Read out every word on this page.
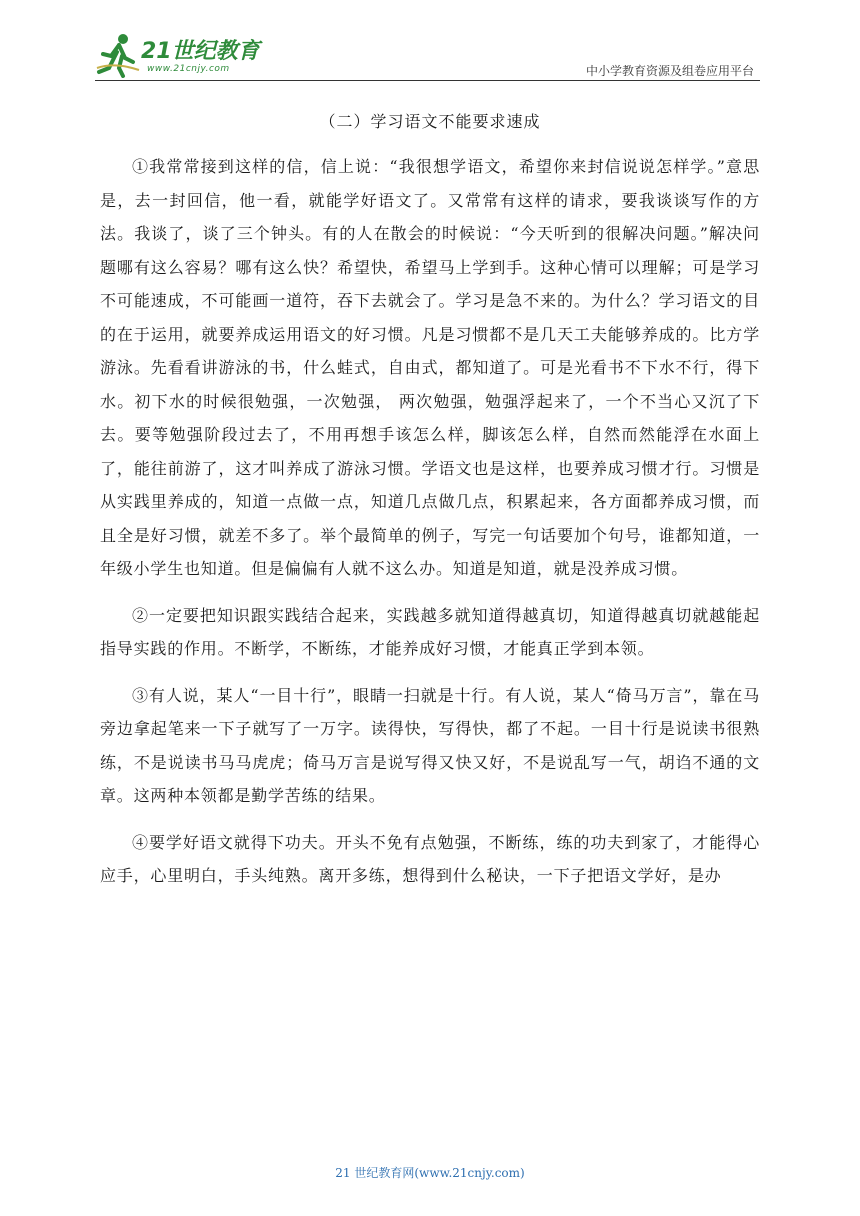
21世纪教育
www.21cnjy.com	中小学教育资源及组卷应用平台
（二）学习语文不能要求速成

①我常常接到这样的信，信上说：“我很想学语文，希望你来封信说说怎样学。”意思是，去一封回信，他一看，就能学好语文了。又常常有这样的请求，要我谈谈写作的方法。我谈了，谈了三个钟头。有的人在散会的时候说：“今天听到的很解决问题。”解决问题哪有这么容易？哪有这么快？希望快，希望马上学到手。这种心情可以理解；可是学习不可能速成，不可能画一道符，吞下去就会了。学习是急不来的。为什么？学习语文的目的在于运用，就要养成运用语文的好习惯。凡是习惯都不是几天工夫能够养成的。比方学游泳。先看看讲游泳的书，什么蛙式，自由式，都知道了。可是光看书不下水不行，得下水。初下水的时候很勉强，一次勉强， 两次勉强，勉强浮起来了，一个不当心又沉了下去。要等勉强阶段过去了，不用再想手该怎么样，脚该怎么样，自然而然能浮在水面上了，能往前游了，这才叫养成了游泳习惯。学语文也是这样，也要养成习惯才行。习惯是从实践里养成的，知道一点做一点，知道几点做几点，积累起来，各方面都养成习惯，而且全是好习惯，就差不多了。举个最简单的例子，写完一句话要加个句号，谁都知道，一年级小学生也知道。但是偏偏有人就不这么办。知道是知道，就是没养成习惯。

②一定要把知识跟实践结合起来，实践越多就知道得越真切，知道得越真切就越能起指导实践的作用。不断学，不断练，才能养成好习惯，才能真正学到本领。

③有人说，某人“一目十行”，眼睛一扫就是十行。有人说，某人“倚马万言”，靠在马旁边拿起笔来一下子就写了一万字。读得快，写得快，都了不起。一目十行是说读书很熟练，不是说读书马马虎虎；倚马万言是说写得又快又好，不是说乱写一气，胡诌不通的文章。这两种本领都是勤学苦练的结果。

④要学好语文就得下功夫。开头不免有点勉强，不断练，练的功夫到家了，才能得心应手，心里明白，手头纯熟。离开多练，想得到什么秘诀，一下子把语文学好，是办

21 世纪教育网(www.21cnjy.com)
